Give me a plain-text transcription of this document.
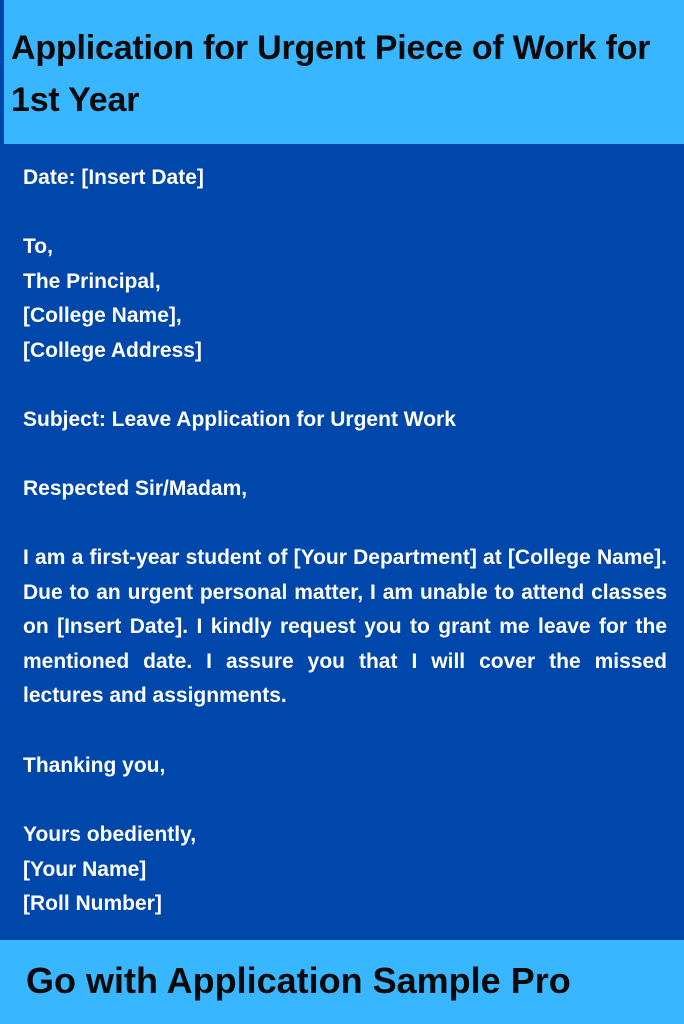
Application for Urgent Piece of Work for 1st Year

Date: [Insert Date]

To,

The Principal,

[College Name],

[College Address]

Subject: Leave Application for Urgent Work

Respected Sir/Madam,

I am a first-year student of [Your Department] at [College Name]. Due to an urgent personal matter, I am unable to attend classes on [Insert Date]. I kindly request you to grant me leave for the mentioned date. I assure you that I will cover the missed lectures and assignments.

Thanking you,

Yours obediently,

[Your Name]

[Roll Number]

Go with Application Sample Pro
